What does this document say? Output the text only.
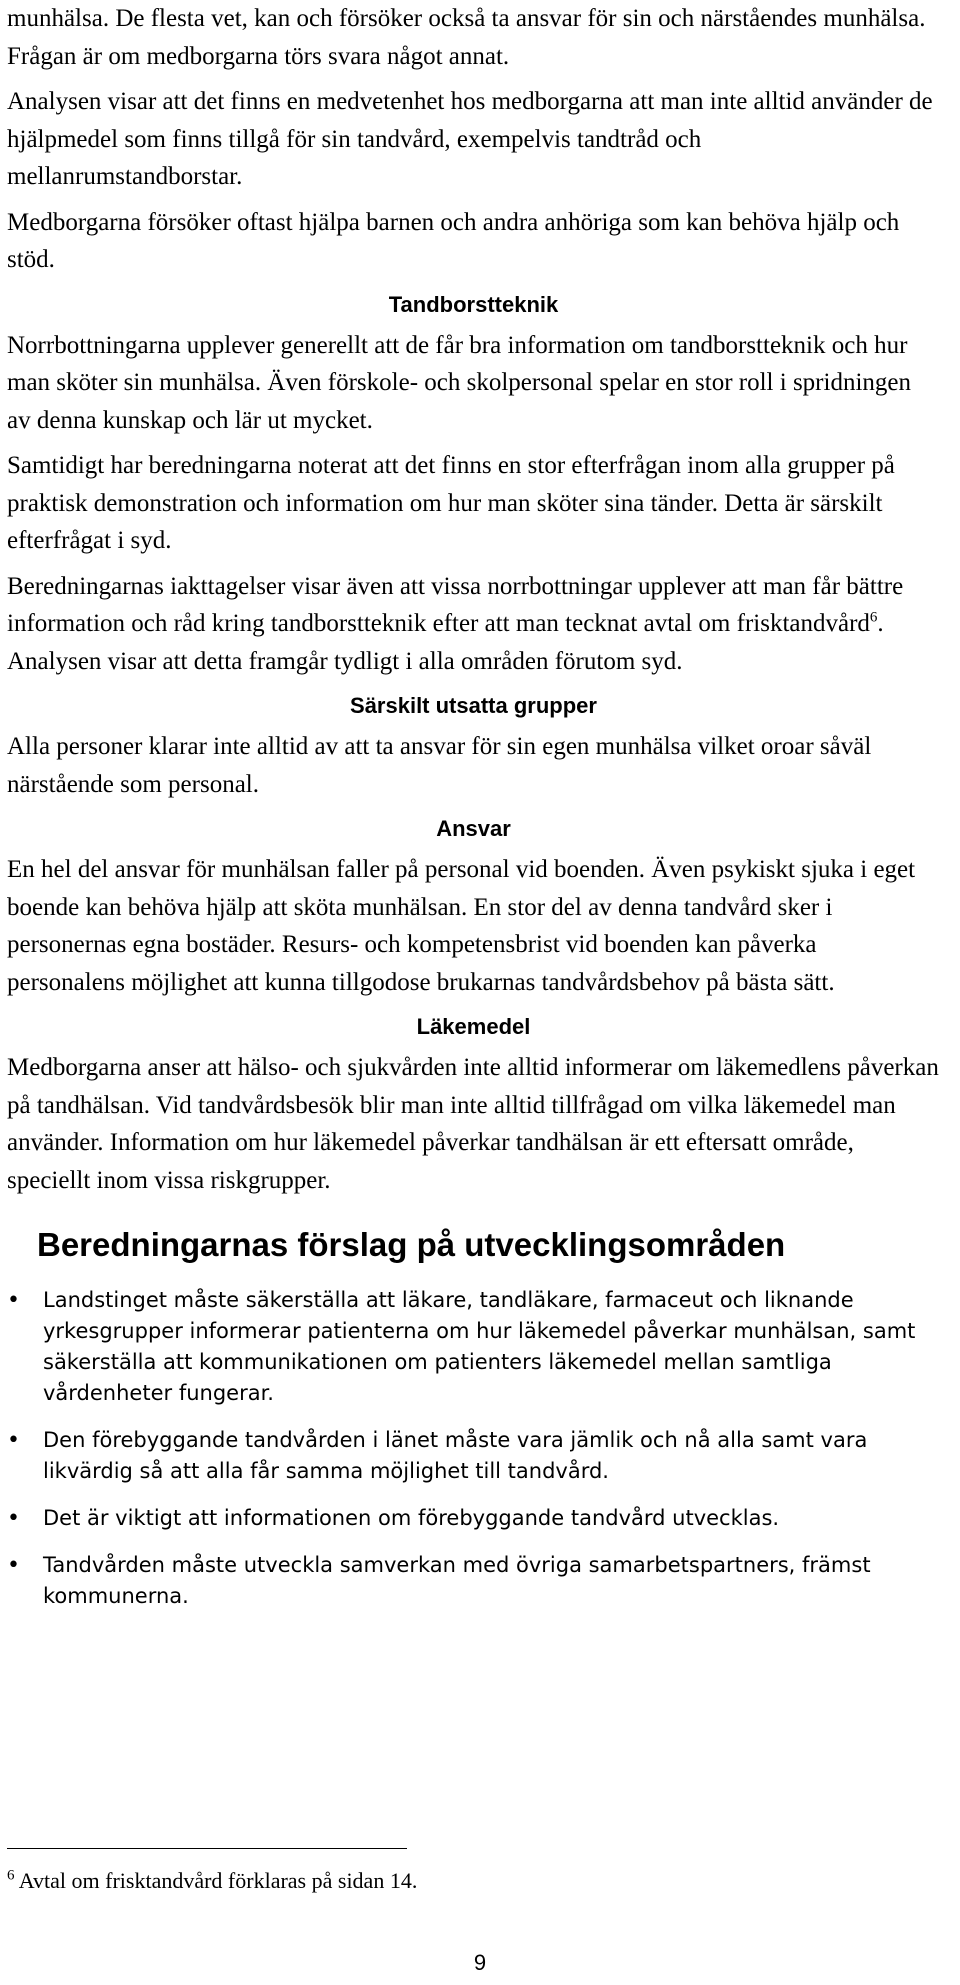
munhälsa. De flesta vet, kan och försöker också ta ansvar för sin och närståendes munhälsa. Frågan är om medborgarna törs svara något annat.

Analysen visar att det finns en medvetenhet hos medborgarna att man inte alltid använder de hjälpmedel som finns tillgå för sin tandvård, exempelvis tandtråd och mellanrumstandborstar.

Medborgarna försöker oftast hjälpa barnen och andra anhöriga som kan behöva hjälp och stöd.

Tandborstteknik

Norrbottningarna upplever generellt att de får bra information om tandborstteknik och hur man sköter sin munhälsa. Även förskole- och skolpersonal spelar en stor roll i spridningen av denna kunskap och lär ut mycket.

Samtidigt har beredningarna noterat att det finns en stor efterfrågan inom alla grupper på praktisk demonstration och information om hur man sköter sina tänder. Detta är särskilt efterfrågat i syd.

Beredningarnas iakttagelser visar även att vissa norrbottningar upplever att man får bättre information och råd kring tandborstteknik efter att man tecknat avtal om frisktandvård$^6$. Analysen visar att detta framgår tydligt i alla områden förutom syd.

Särskilt utsatta grupper

Alla personer klarar inte alltid av att ta ansvar för sin egen munhälsa vilket oroar såväl närstående som personal.

Ansvar

En hel del ansvar för munhälsan faller på personal vid boenden. Även psykiskt sjuka i eget boende kan behöva hjälp att sköta munhälsan. En stor del av denna tandvård sker i personernas egna bostäder. Resurs- och kompetensbrist vid boenden kan påverka personalens möjlighet att kunna tillgodose brukarnas tandvårdsbehov på bästa sätt.

Läkemedel

Medborgarna anser att hälso- och sjukvården inte alltid informerar om läkemedlens påverkan på tandhälsan. Vid tandvårdsbesök blir man inte alltid tillfrågad om vilka läkemedel man använder. Information om hur läkemedel påverkar tandhälsan är ett eftersatt område, speciellt inom vissa riskgrupper.

Beredningarnas förslag på utvecklingsområden
• Landstinget måste säkerställa att läkare, tandläkare, farmaceut och liknande yrkesgrupper informerar patienterna om hur läkemedel påverkar munhälsan, samt säkerställa att kommunikationen om patienters läkemedel mellan samtliga vårdenheter fungerar.
• Den förebyggande tandvården i länet måste vara jämlik och nå alla samt vara likvärdig så att alla får samma möjlighet till tandvård.
• Det är viktigt att informationen om förebyggande tandvård utvecklas.
• Tandvården måste utveckla samverkan med övriga samarbetspartners, främst kommunerna.
$^6$ Avtal om frisktandvård förklaras på sidan 14.
9
